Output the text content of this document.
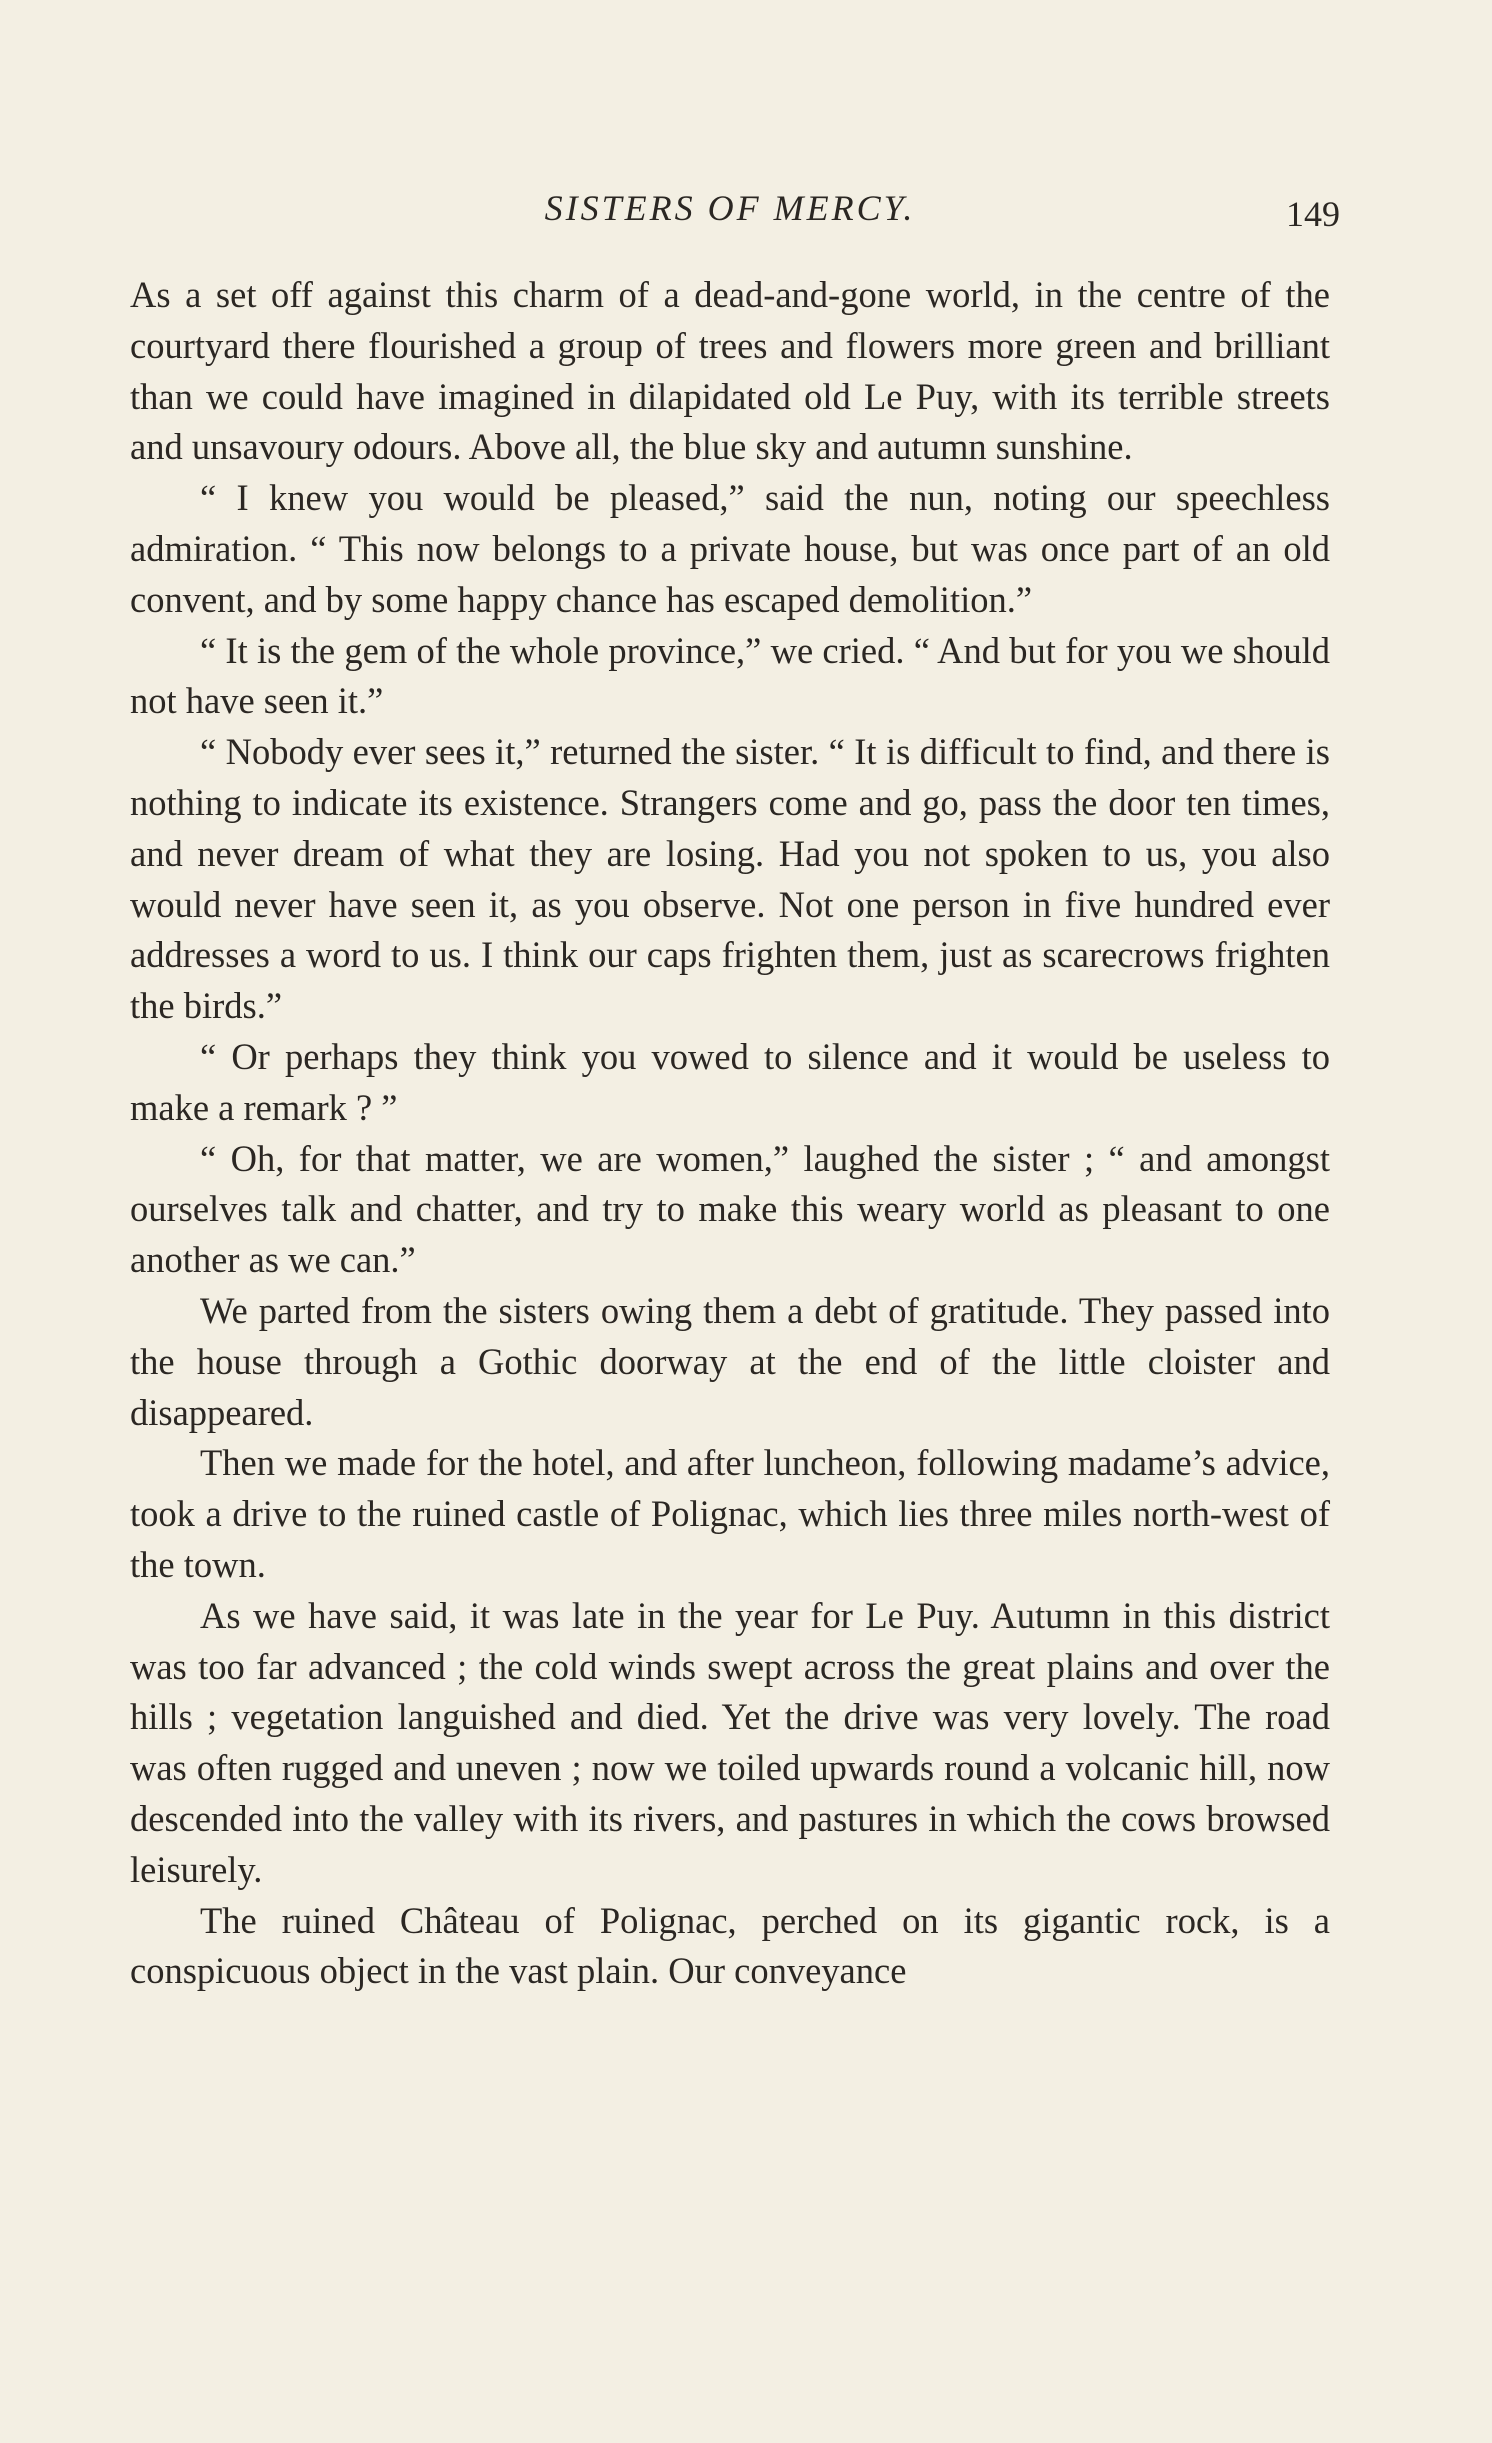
SISTERS OF MERCY.	149

As a set off against this charm of a dead-and-gone world, in the centre of the courtyard there flourished a group of trees and flowers more green and brilliant than we could have imagined in dilapidated old Le Puy, with its terrible streets and unsavoury odours. Above all, the blue sky and autumn sunshine.

“ I knew you would be pleased,” said the nun, noting our speechless admiration. “ This now belongs to a private house, but was once part of an old convent, and by some happy chance has escaped demolition.”

“ It is the gem of the whole province,” we cried. “ And but for you we should not have seen it.”

“ Nobody ever sees it,” returned the sister. “ It is difficult to find, and there is nothing to indicate its existence. Strangers come and go, pass the door ten times, and never dream of what they are losing. Had you not spoken to us, you also would never have seen it, as you observe. Not one person in five hundred ever addresses a word to us. I think our caps frighten them, just as scarecrows frighten the birds.”

“ Or perhaps they think you vowed to silence and it would be useless to make a remark ? ”

“ Oh, for that matter, we are women,” laughed the sister ; “ and amongst ourselves talk and chatter, and try to make this weary world as pleasant to one another as we can.”

We parted from the sisters owing them a debt of gratitude. They passed into the house through a Gothic doorway at the end of the little cloister and disappeared.

Then we made for the hotel, and after luncheon, following madame’s advice, took a drive to the ruined castle of Polignac, which lies three miles north-west of the town.

As we have said, it was late in the year for Le Puy. Autumn in this district was too far advanced ; the cold winds swept across the great plains and over the hills ; vegetation languished and died. Yet the drive was very lovely. The road was often rugged and uneven ; now we toiled upwards round a volcanic hill, now descended into the valley with its rivers, and pastures in which the cows browsed leisurely.

The ruined Château of Polignac, perched on its gigantic rock, is a conspicuous object in the vast plain. Our conveyance
